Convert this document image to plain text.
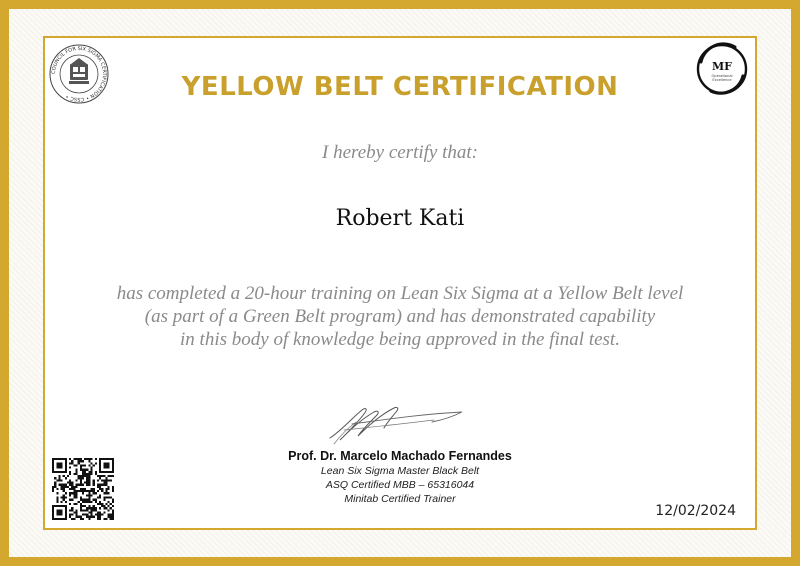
COUNCIL FOR SIX SIGMA CERTIFICATION • CSSC •
MF
Operational
Excellence
YELLOW BELT CERTIFICATION
I hereby certify that:
Robert Kati
has completed a 20-hour training on Lean Six Sigma at a Yellow Belt level
(as part of a Green Belt program) and has demonstrated capability
in this body of knowledge being approved in the final test.
Prof. Dr. Marcelo Machado Fernandes
Lean Six Sigma Master Black Belt
ASQ Certified MBB – 65316044
Minitab Certified Trainer
12/02/2024
